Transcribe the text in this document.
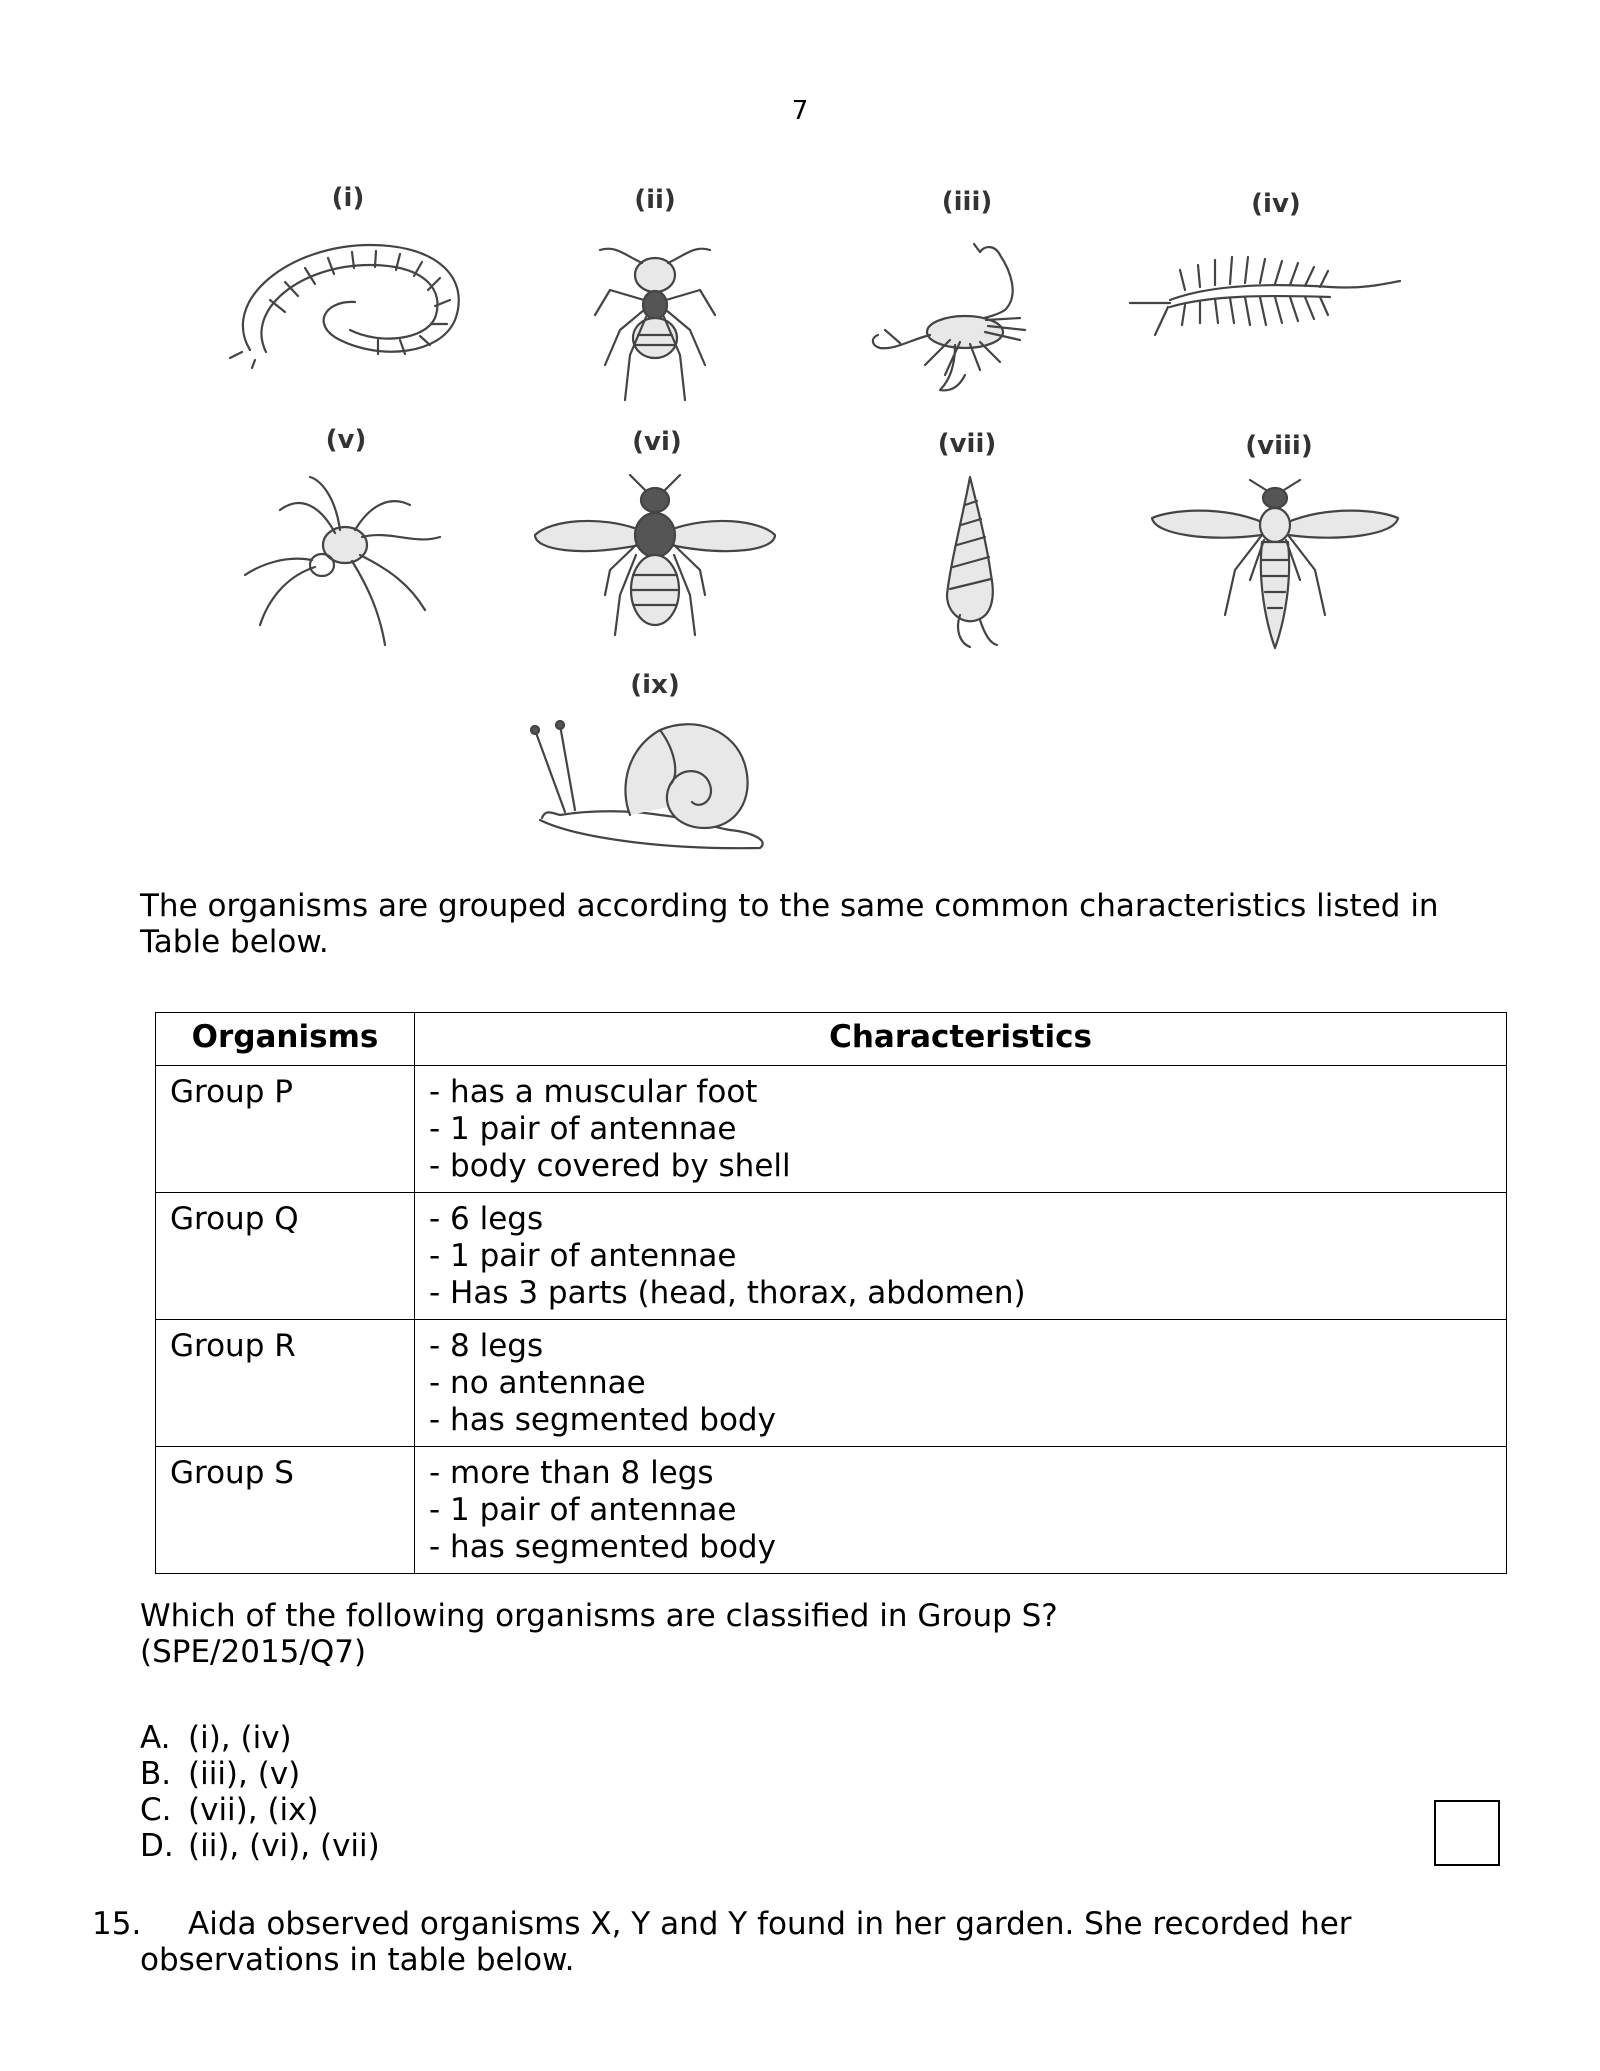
7
(i)	(ii)	(iii)	(iv)
(v)	(vi)	(vii)	(viii)
(ix)
The organisms are grouped according to the same common characteristics listed in
Table below.
Organisms	Characteristics
Group P	- has a muscular foot
- 1 pair of antennae
- body covered by shell

Group Q	- 6 legs
- 1 pair of antennae
- Has 3 parts (head, thorax, abdomen)

Group R	- 8 legs
- no antennae
- has segmented body

Group S	- more than 8 legs
- 1 pair of antennae
- has segmented body
Which of the following organisms are classified in Group S?
(SPE/2015/Q7)
A. (i), (iv)
B. (iii), (v)
C. (vii), (ix)
D. (ii), (vi), (vii)
15. Aida observed organisms X, Y and Y found in her garden. She recorded her
observations in table below.
